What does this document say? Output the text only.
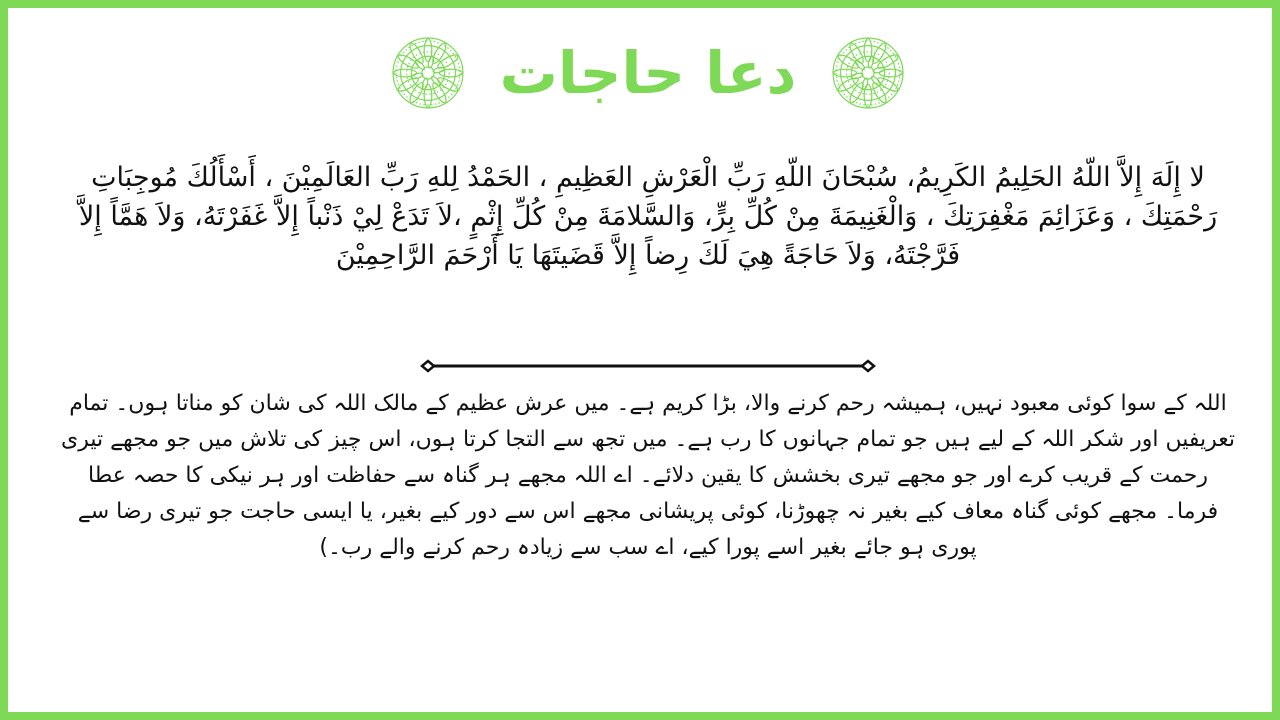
دعا حاجات
لا إِلَهَ إِلاَّ اللّهُ الحَلِيمُ الكَرِيمُ، سُبْحَانَ اللّهِ رَبِّ الْعَرْشِ العَظِيمِ ، الحَمْدُ لِلهِ رَبِّ العَالَمِيْنَ ، أَسْأَلُكَ مُوجِبَاتِ رَحْمَتِكَ ، وَعَزَائِمَ مَغْفِرَتِكَ ، وَالْغَنِيمَةَ مِنْ كُلِّ بِرٍّ، وَالسَّلامَةَ مِنْ كُلِّ إِثْمٍ ،لاَ تَدَعْ لِيْ ذَنْباً إِلاَّ غَفَرْتَهُ، وَلاَ هَمَّاً إِلاَّ فَرَّجْتَهُ، وَلاَ حَاجَةً هِيَ لَكَ رِضاً إِلاَّ قَضَيتَهَا يَا أَرْحَمَ الرَّاحِمِيْنَ
اللہ کے سوا کوئی معبود نہیں، ہمیشہ رحم کرنے والا، بڑا کریم ہے۔ میں عرش عظیم کے مالک اللہ کی شان کو مناتا ہوں۔ تمام تعریفیں اور شکر اللہ کے لیے ہیں جو تمام جہانوں کا رب ہے۔ میں تجھ سے التجا کرتا ہوں، اس چیز کی تلاش میں جو مجھے تیری رحمت کے قریب کرے اور جو مجھے تیری بخشش کا یقین دلائے۔ اے اللہ مجھے ہر گناہ سے حفاظت اور ہر نیکی کا حصہ عطا فرما۔ مجھے کوئی گناہ معاف کیے بغیر نہ چھوڑنا، کوئی پریشانی مجھے اس سے دور کیے بغیر، یا ایسی حاجت جو تیری رضا سے پوری ہو جائے بغیر اسے پورا کیے، اے سب سے زیادہ رحم کرنے والے رب۔)
